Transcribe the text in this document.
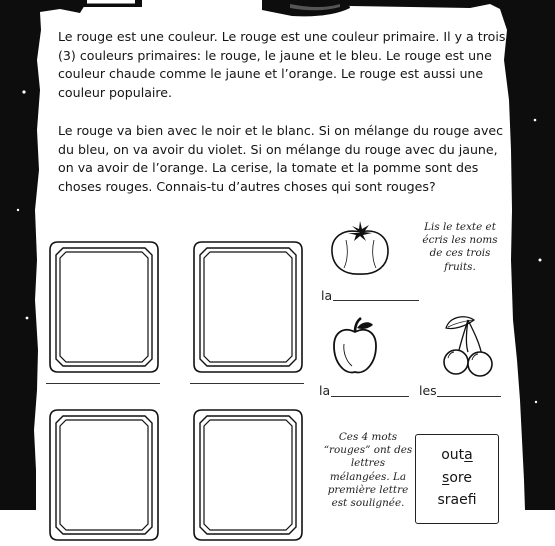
Le rouge est une couleur. Le rouge est une couleur primaire. Il y a trois (3) couleurs primaires: le rouge, le jaune et le bleu. Le rouge est une couleur chaude comme le jaune et l’orange. Le rouge est aussi une couleur populaire.

Le rouge va bien avec le noir et le blanc. Si on mélange du rouge avec du bleu, on va avoir du violet. Si on mélange du rouge avec du jaune, on va avoir de l’orange. La cerise, la tomate et la pomme sont des choses rouges. Connais-tu d’autres choses qui sont rouges?

la

Lis le texte et écris les noms de ces trois fruits.

la	les

Ces 4 mots “rouges” ont des lettres mélangées. La première lettre est soulignée.

outa
sore
sraefi
